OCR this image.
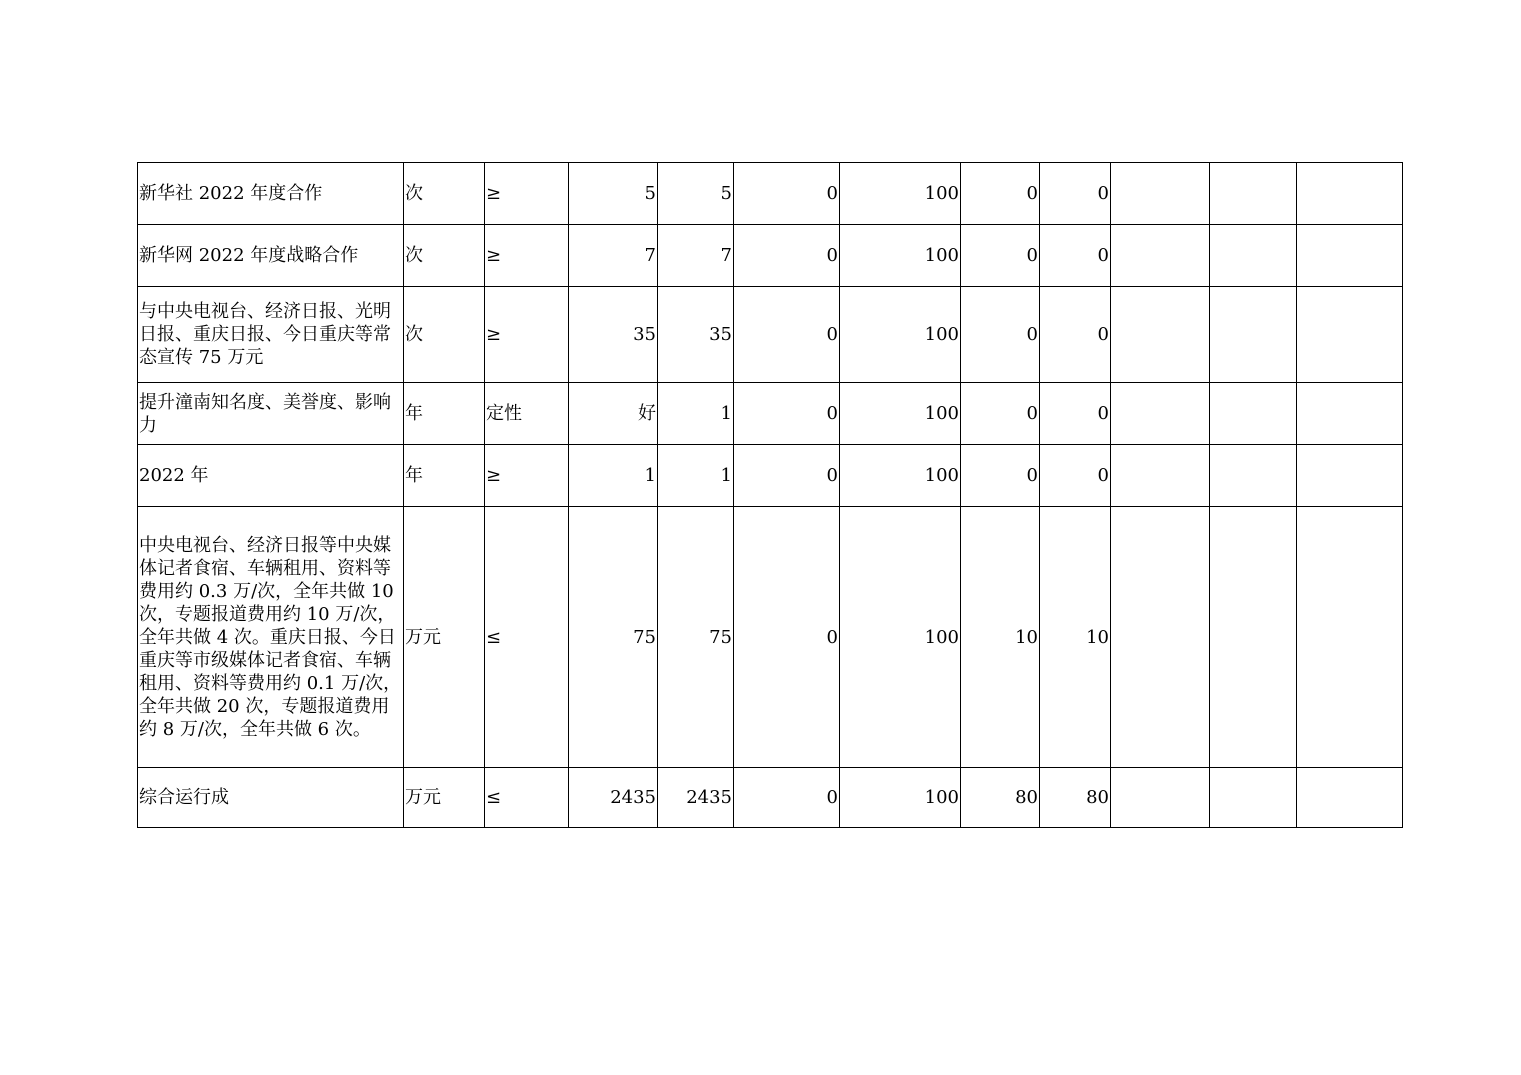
新华社 2022 年度合作	次	≥	5	5	0	100	0	0			
新华网 2022 年度战略合作	次	≥	7	7	0	100	0	0			
与中央电视台、经济日报、光明日报、重庆日报、今日重庆等常态宣传 75 万元	次	≥	35	35	0	100	0	0			
提升潼南知名度、美誉度、影响力	年	定性	好	1	0	100	0	0			
2022 年	年	≥	1	1	0	100	0	0			
中央电视台、经济日报等中央媒体记者食宿、车辆租用、资料等费用约 0.3 万/次，全年共做 10 次，专题报道费用约 10 万/次，全年共做 4 次。重庆日报、今日重庆等市级媒体记者食宿、车辆租用、资料等费用约 0.1 万/次，全年共做 20 次，专题报道费用约 8 万/次，全年共做 6 次。	万元	≤	75	75	0	100	10	10			
综合运行成	万元	≤	2435	2435	0	100	80	80			
